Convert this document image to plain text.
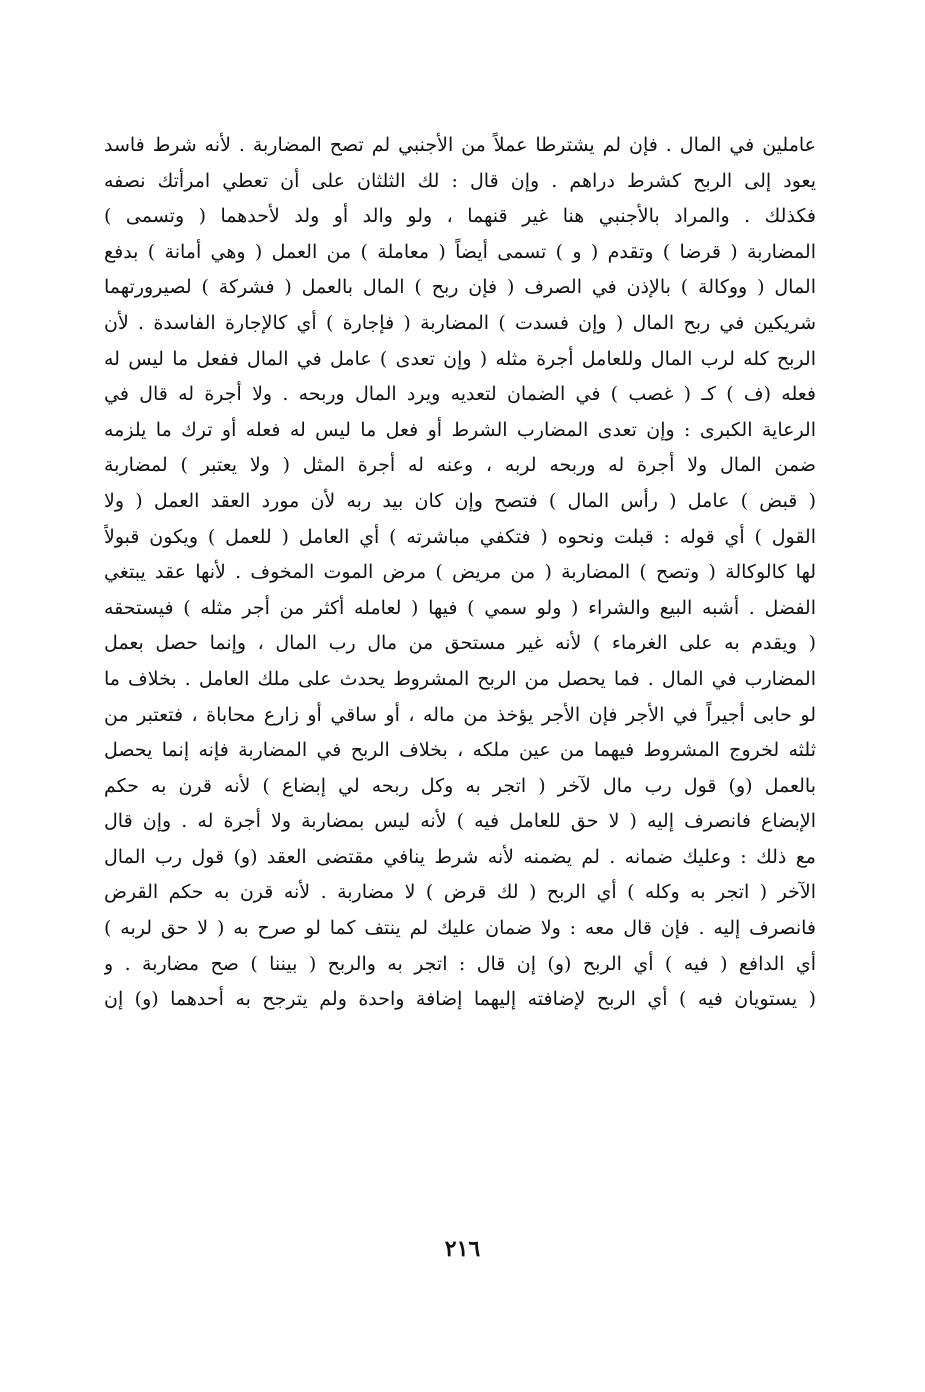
عاملين في المال . فإن لم يشترطا عملاً من الأجنبي لم تصح المضاربة . لأنه شرط فاسد
يعود إلى الربح كشرط دراهم . وإن قال : لك الثلثان على أن تعطي امرأتك نصفه
فكذلك . والمراد بالأجنبي هنا غير قنهما ، ولو والد أو ولد لأحدهما ( وتسمى )
المضاربة ( قرضا ) وتقدم ( و ) تسمى أيضاً ( معاملة ) من العمل ( وهي أمانة ) بدفع
المال ( ووكالة ) بالإذن في الصرف ( فإن ربح ) المال بالعمل ( فشركة ) لصيرورتهما
شريكين في ربح المال ( وإن فسدت ) المضاربة ( فإجارة ) أي كالإجارة الفاسدة . لأن
الربح كله لرب المال وللعامل أجرة مثله ( وإن تعدى ) عامل في المال ففعل ما ليس له
فعله (ف ) كـ ( غصب ) في الضمان لتعديه ويرد المال وربحه . ولا أجرة له قال في
الرعاية الكبرى : وإن تعدى المضارب الشرط أو فعل ما ليس له فعله أو ترك ما يلزمه
ضمن المال ولا أجرة له وربحه لربه ، وعنه له أجرة المثل ( ولا يعتبر ) لمضاربة
( قبض ) عامل ( رأس المال ) فتصح وإن كان بيد ربه لأن مورد العقد العمل ( ولا
القول ) أي قوله : قبلت ونحوه ( فتكفي مباشرته ) أي العامل ( للعمل ) ويكون قبولاً
لها كالوكالة ( وتصح ) المضاربة ( من مريض ) مرض الموت المخوف . لأنها عقد يبتغي
الفضل . أشبه البيع والشراء ( ولو سمي ) فيها ( لعامله أكثر من أجر مثله ) فيستحقه
( ويقدم به على الغرماء ) لأنه غير مستحق من مال رب المال ، وإنما حصل بعمل
المضارب في المال . فما يحصل من الربح المشروط يحدث على ملك العامل . بخلاف ما
لو حابى أجيراً في الأجر فإن الأجر يؤخذ من ماله ، أو ساقي أو زارع محاباة ، فتعتبر من
ثلثه لخروج المشروط فيهما من عين ملكه ، بخلاف الربح في المضاربة فإنه إنما يحصل
بالعمل (و) قول رب مال لآخر ( اتجر به وكل ربحه لي إبضاع ) لأنه قرن به حكم
الإبضاع فانصرف إليه ( لا حق للعامل فيه ) لأنه ليس بمضاربة ولا أجرة له . وإن قال
مع ذلك : وعليك ضمانه . لم يضمنه لأنه شرط ينافي مقتضى العقد (و) قول رب المال
الآخر ( اتجر به وكله ) أي الربح ( لك قرض ) لا مضاربة . لأنه قرن به حكم القرض
فانصرف إليه . فإن قال معه : ولا ضمان عليك لم ينتف كما لو صرح به ( لا حق لربه )
أي الدافع ( فيه ) أي الربح (و) إن قال : اتجر به والربح ( بيننا ) صح مضاربة . و
( يستويان فيه ) أي الربح لإضافته إليهما إضافة واحدة ولم يترجح به أحدهما (و) إن
٢١٦
